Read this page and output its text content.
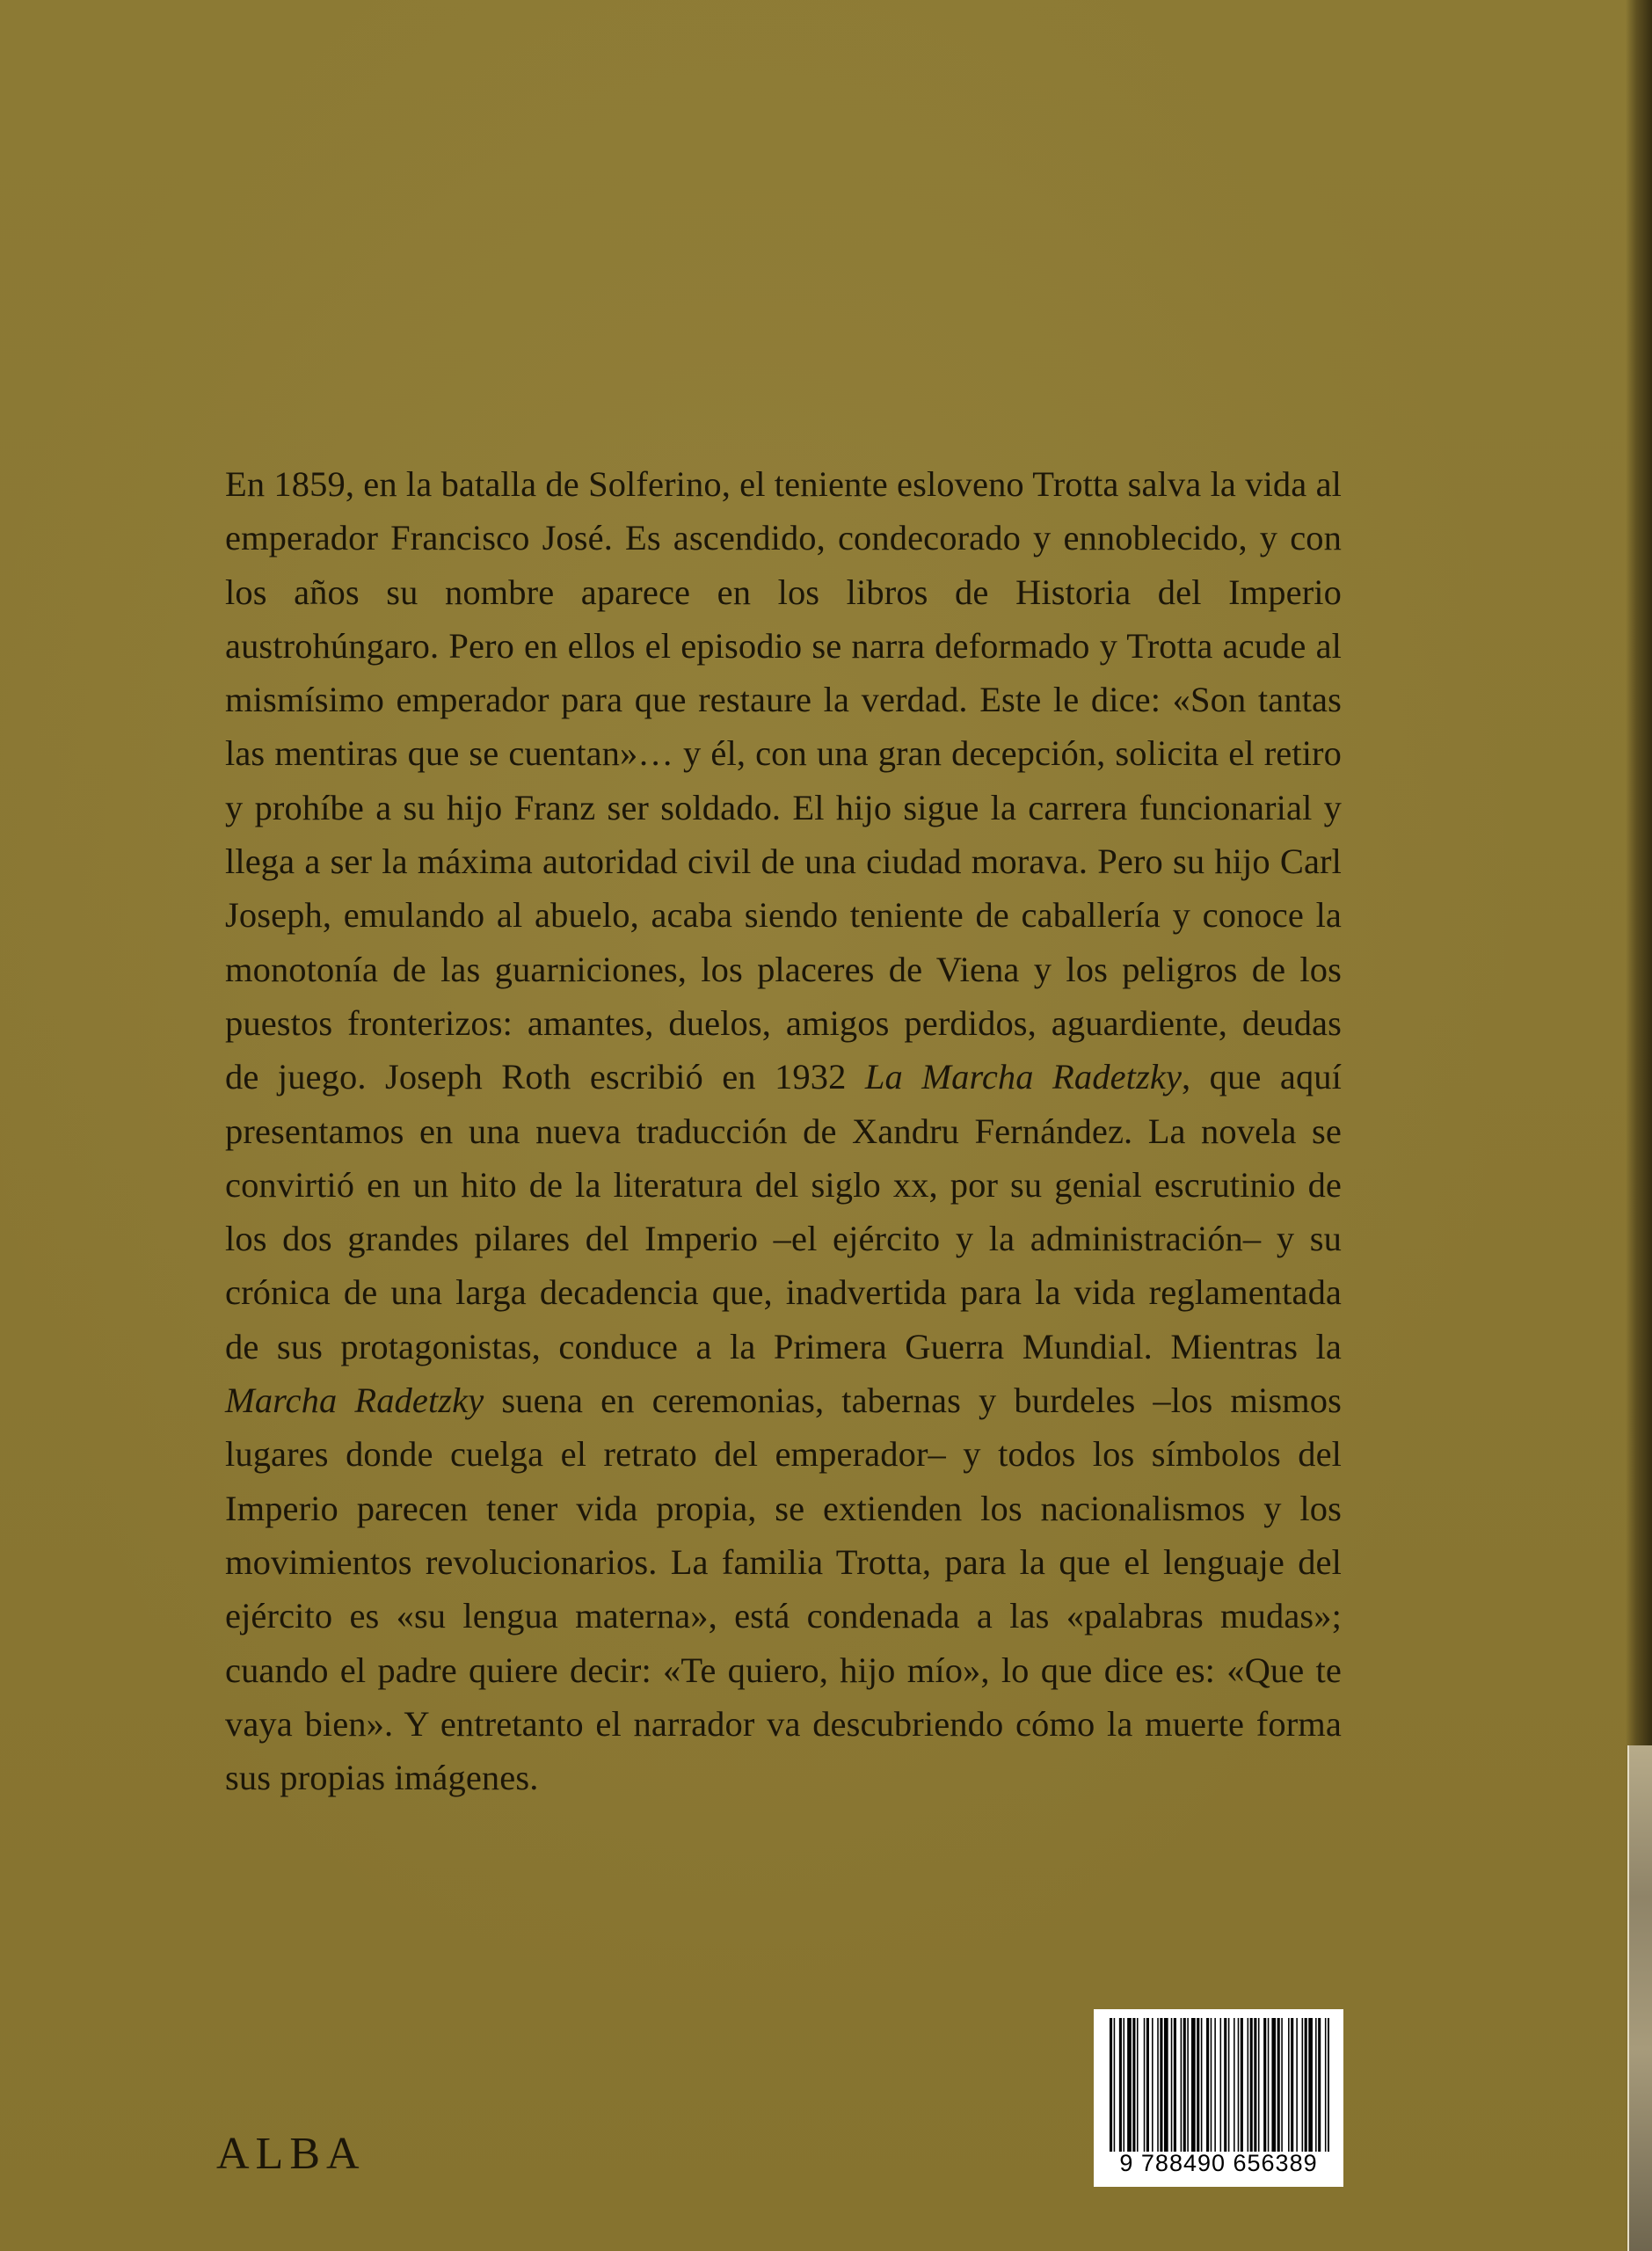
En 1859, en la batalla de Solferino, el teniente esloveno Trotta salva la vida al emperador Francisco José. Es ascendido, condecorado y ennoblecido, y con los años su nombre aparece en los libros de Historia del Imperio austrohúngaro. Pero en ellos el episodio se narra deformado y Trotta acude al mismísimo emperador para que restaure la verdad. Este le dice: «Son tantas las mentiras que se cuentan»… y él, con una gran decepción, solicita el retiro y prohíbe a su hijo Franz ser soldado. El hijo sigue la carrera funcionarial y llega a ser la máxima autoridad civil de una ciudad morava. Pero su hijo Carl Joseph, emulando al abuelo, acaba siendo teniente de caballería y conoce la monotonía de las guarniciones, los placeres de Viena y los peligros de los puestos fronterizos: amantes, duelos, amigos perdidos, aguardiente, deudas de juego. Joseph Roth escribió en 1932 La Marcha Radetzky, que aquí presentamos en una nueva traducción de Xandru Fernández. La novela se convirtió en un hito de la literatura del siglo xx, por su genial escrutinio de los dos grandes pilares del Imperio –el ejército y la administración– y su crónica de una larga decadencia que, inadvertida para la vida reglamentada de sus protagonistas, conduce a la Primera Guerra Mundial. Mientras la Marcha Radetzky suena en ceremonias, tabernas y burdeles –los mismos lugares donde cuelga el retrato del emperador– y todos los símbolos del Imperio parecen tener vida propia, se extienden los nacionalismos y los movimientos revolucionarios. La familia Trotta, para la que el lenguaje del ejército es «su lengua materna», está condenada a las «palabras mudas»; cuando el padre quiere decir: «Te quiero, hijo mío», lo que dice es: «Que te vaya bien». Y entretanto el narrador va descubriendo cómo la muerte forma sus propias imágenes.

ALBA	9 788490 656389
